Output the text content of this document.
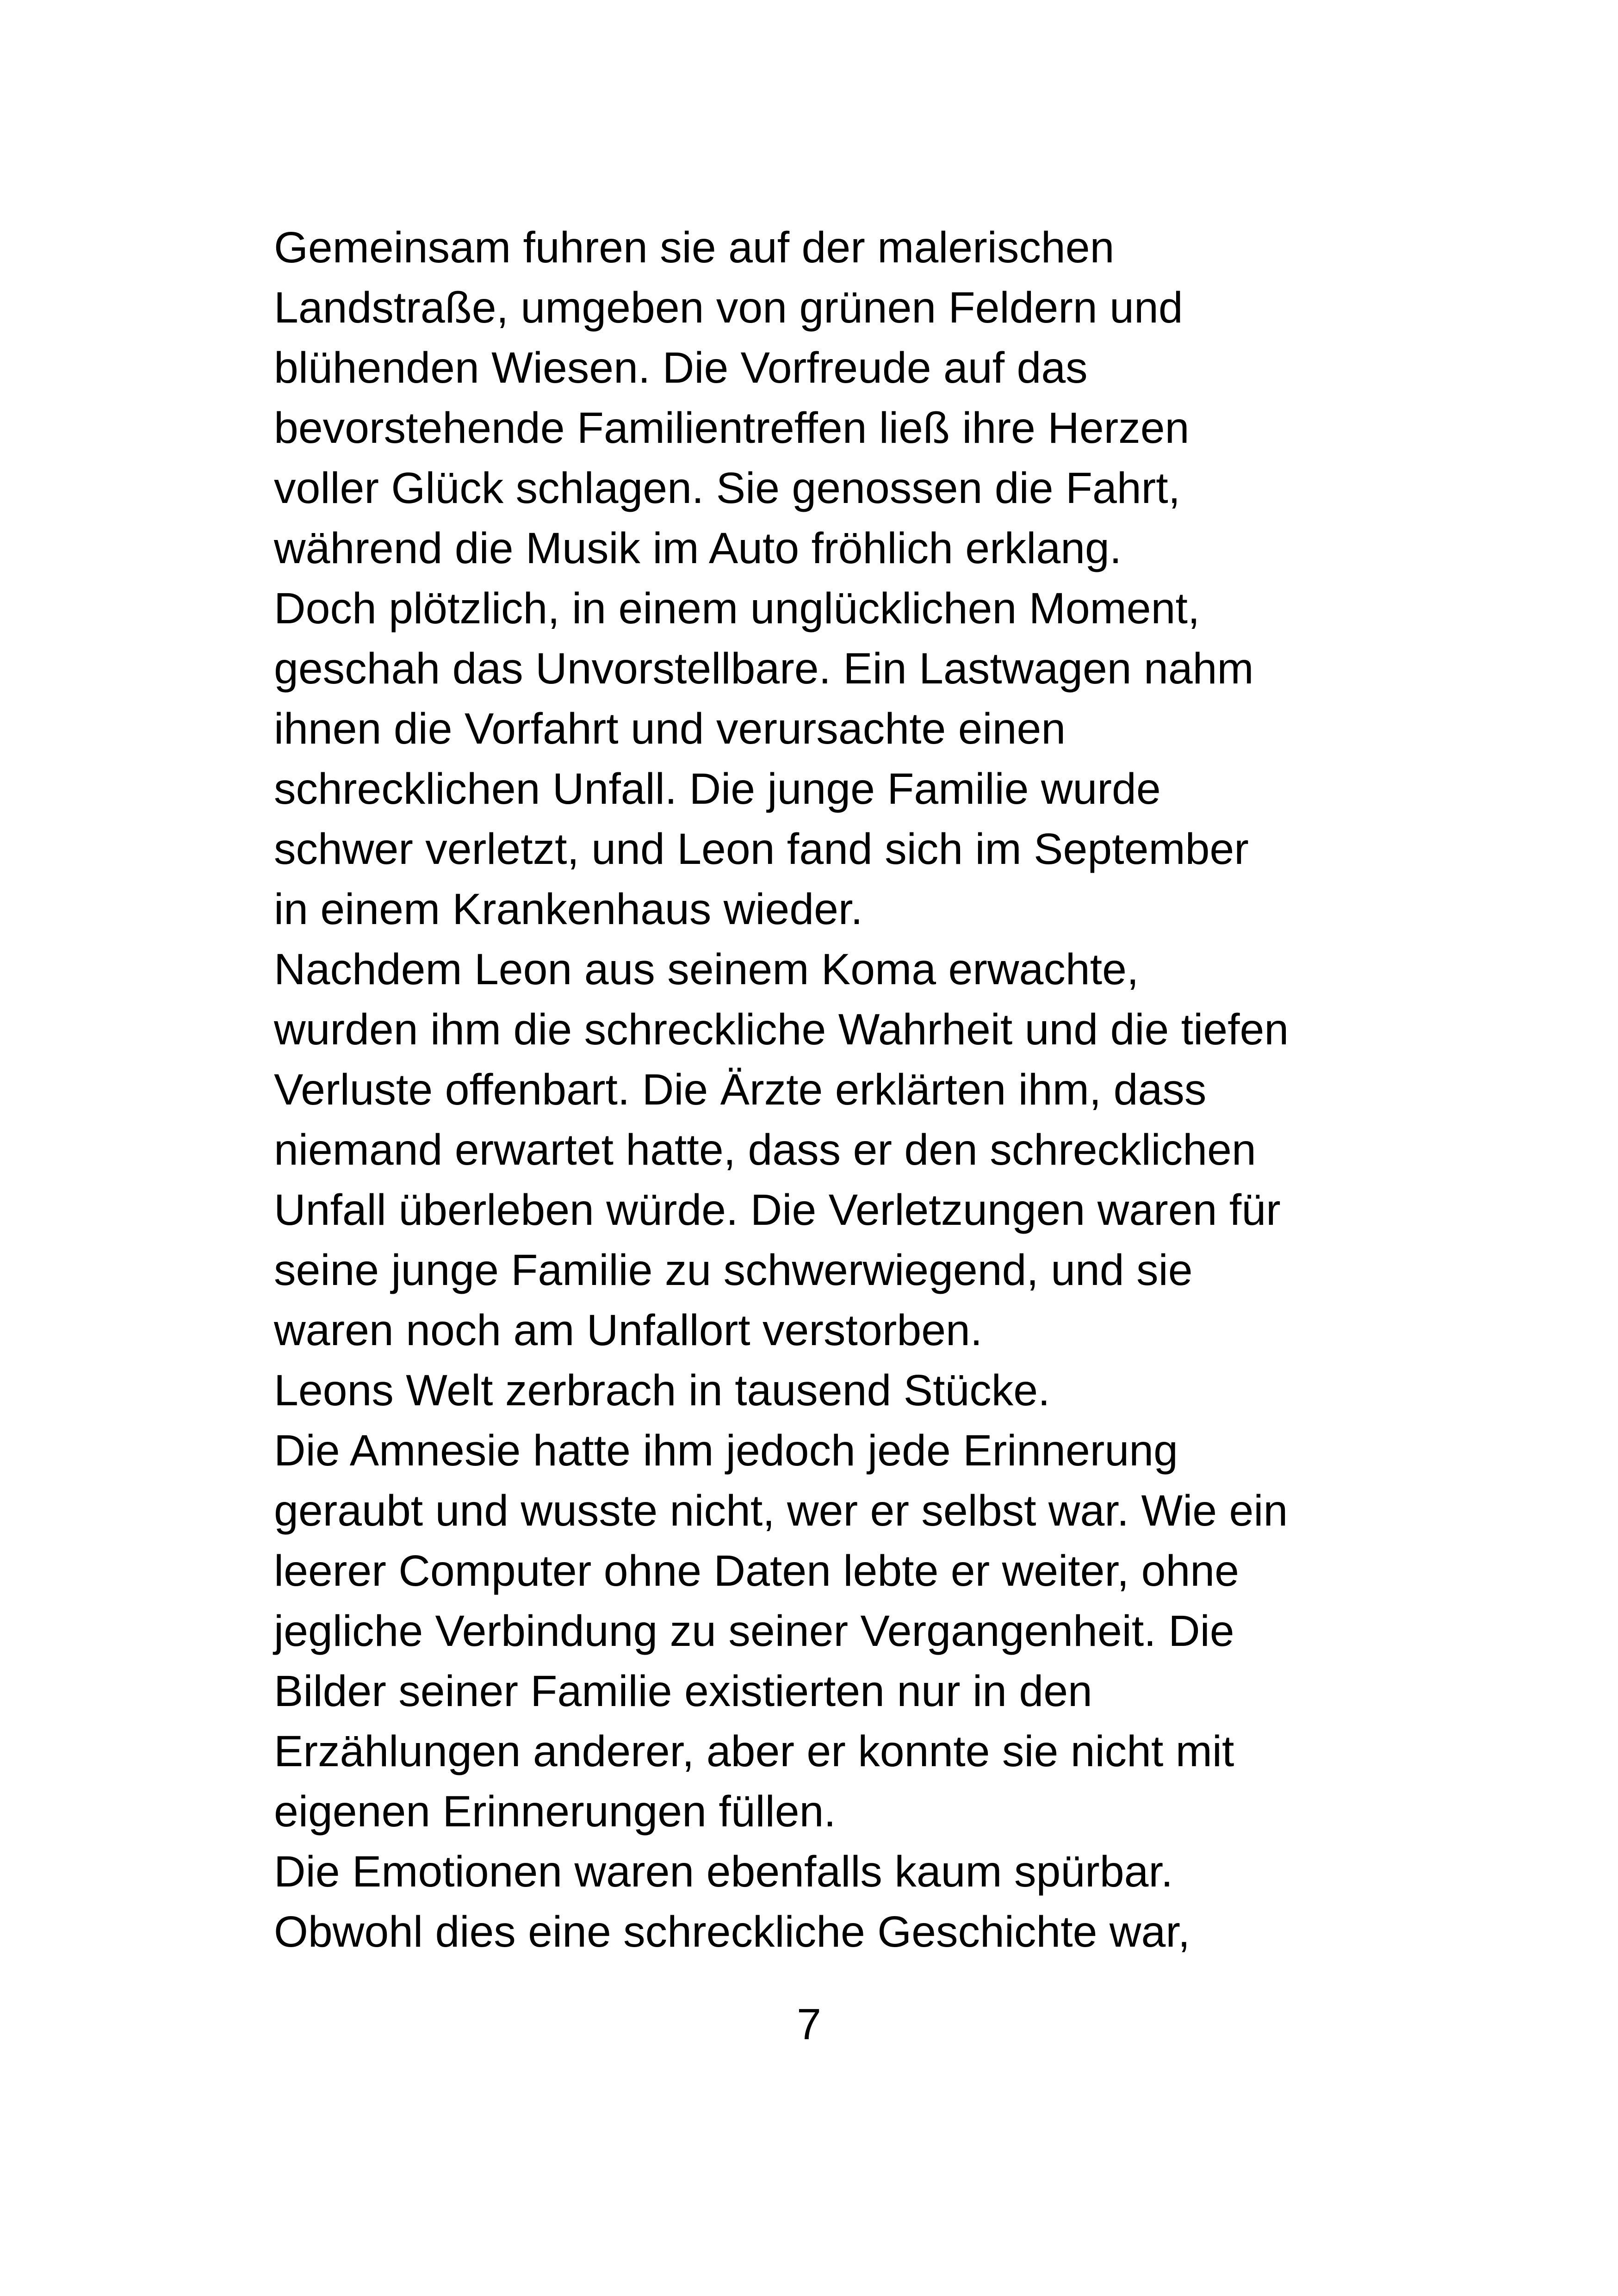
Gemeinsam fuhren sie auf der malerischen
Landstraße, umgeben von grünen Feldern und
blühenden Wiesen. Die Vorfreude auf das
bevorstehende Familientreffen ließ ihre Herzen
voller Glück schlagen. Sie genossen die Fahrt,
während die Musik im Auto fröhlich erklang.
Doch plötzlich, in einem unglücklichen Moment,
geschah das Unvorstellbare. Ein Lastwagen nahm
ihnen die Vorfahrt und verursachte einen
schrecklichen Unfall. Die junge Familie wurde
schwer verletzt, und Leon fand sich im September
in einem Krankenhaus wieder.
Nachdem Leon aus seinem Koma erwachte,
wurden ihm die schreckliche Wahrheit und die tiefen
Verluste offenbart. Die Ärzte erklärten ihm, dass
niemand erwartet hatte, dass er den schrecklichen
Unfall überleben würde. Die Verletzungen waren für
seine junge Familie zu schwerwiegend, und sie
waren noch am Unfallort verstorben.
Leons Welt zerbrach in tausend Stücke.
Die Amnesie hatte ihm jedoch jede Erinnerung
geraubt und wusste nicht, wer er selbst war. Wie ein
leerer Computer ohne Daten lebte er weiter, ohne
jegliche Verbindung zu seiner Vergangenheit. Die
Bilder seiner Familie existierten nur in den
Erzählungen anderer, aber er konnte sie nicht mit
eigenen Erinnerungen füllen.
Die Emotionen waren ebenfalls kaum spürbar.
Obwohl dies eine schreckliche Geschichte war,
7
